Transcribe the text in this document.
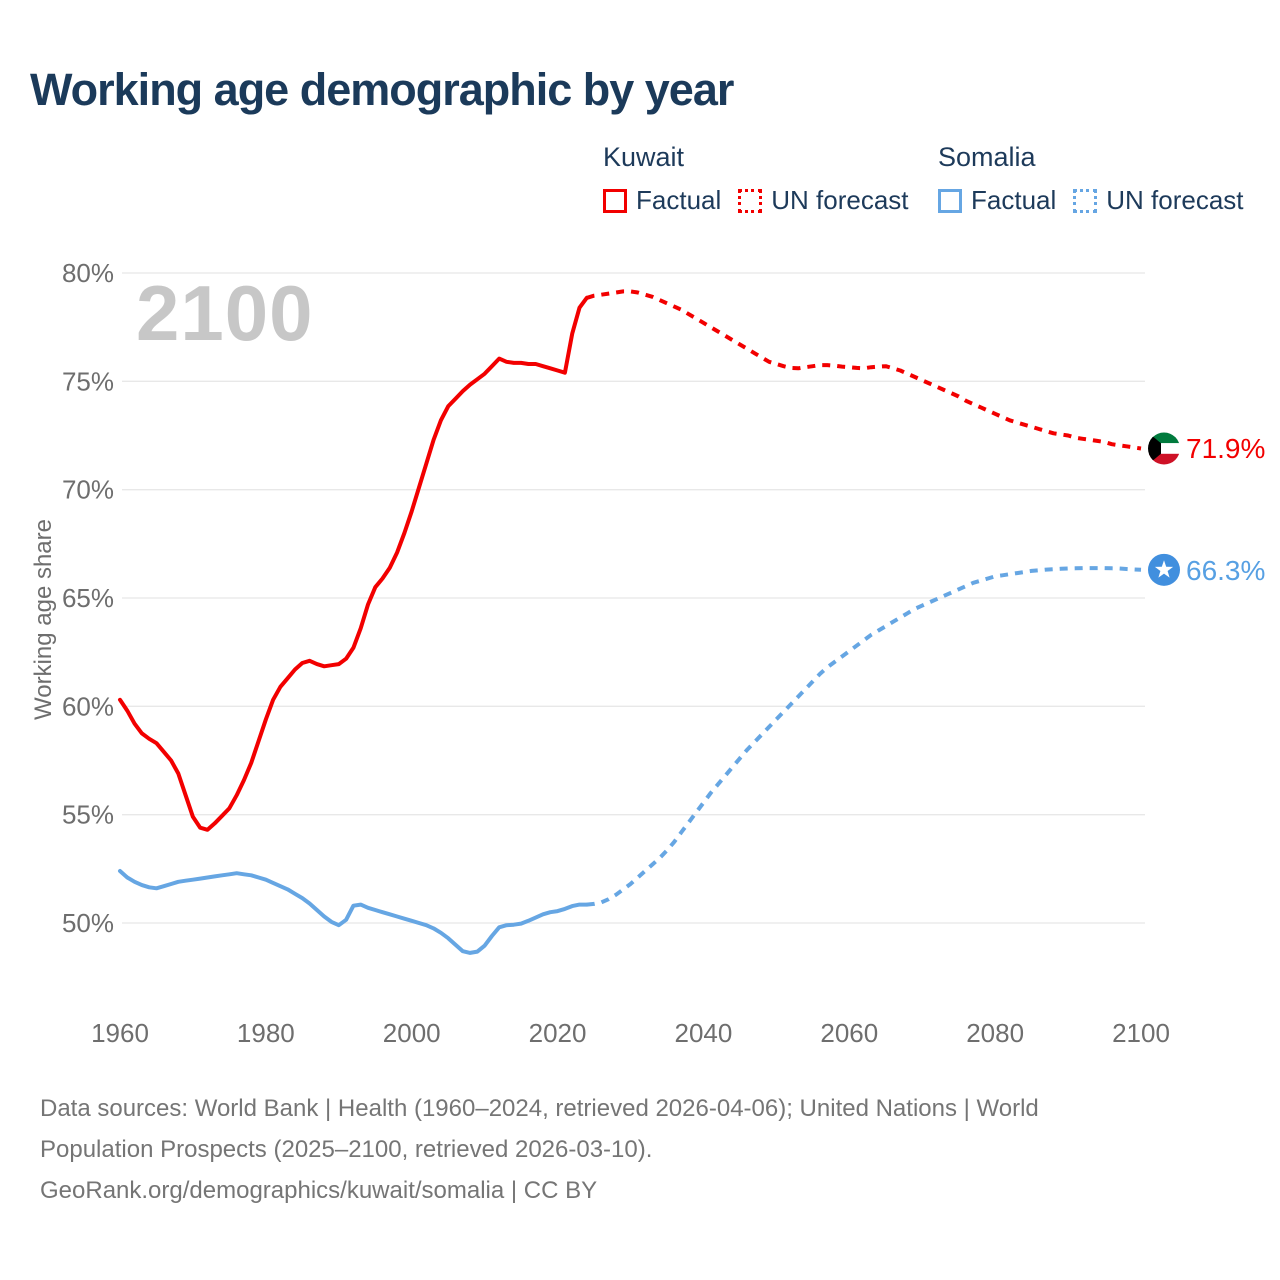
Working age demographic by year
Kuwait
Factual UN forecast
Somalia
Factual UN forecast
2100
80%
75%
70%
65%
60%
55%
50%
1960	1980	2000	2020	2040	2060	2080	2100
Working age share
71.9%
66.3%
Data sources: World Bank | Health (1960–2024, retrieved 2026-04-06); United Nations | World
Population Prospects (2025–2100, retrieved 2026-03-10).
GeoRank.org/demographics/kuwait/somalia | CC BY
